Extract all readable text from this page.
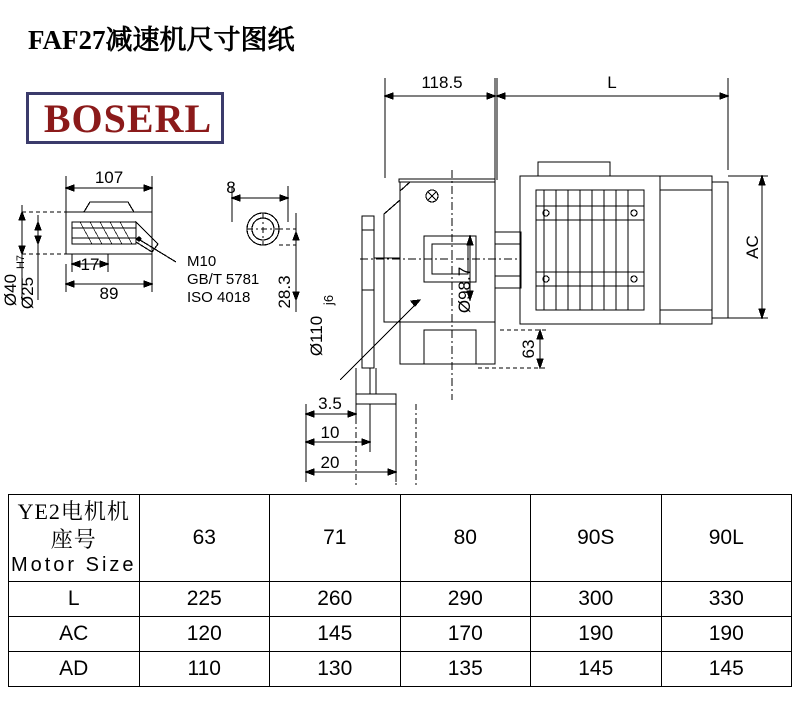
FAF27减速机尺寸图纸
BOSERL
118.5	L
AC
107
8
17
89
Ø40
Ø25
H7
28.3
M10
GB/T 5781
ISO 4018	Ø98.7
Ø110
j6
63
3.5
10
20
YE2电机机座号
Motor Size	63	71	80	90S	90L
L	225	260	290	300	330
AC	120	145	170	190	190
AD	110	130	135	145	145
